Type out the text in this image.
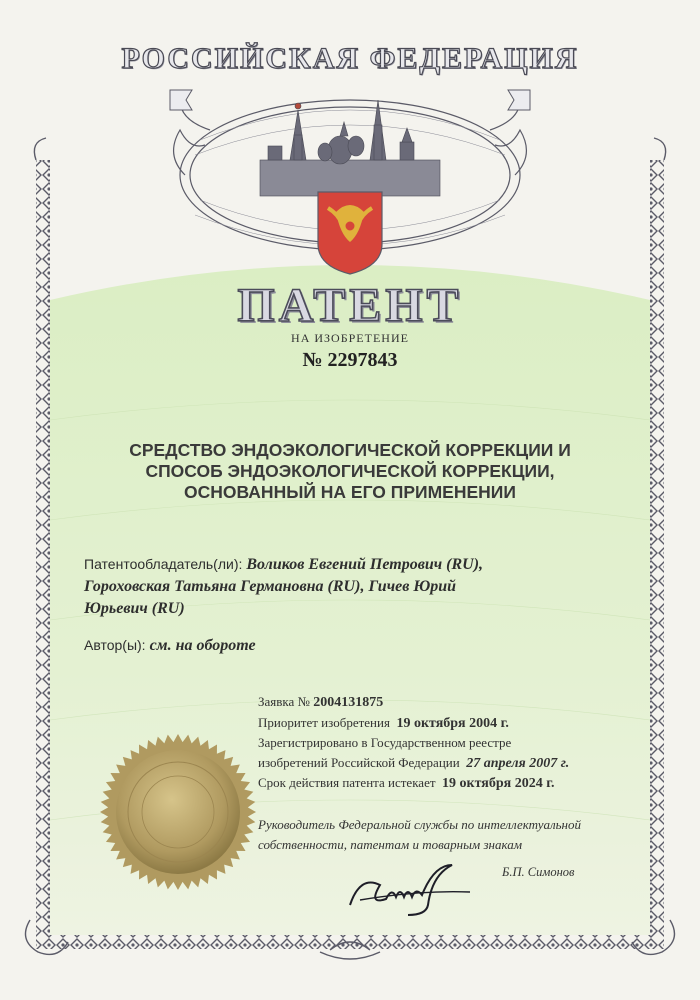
РОССИЙСКАЯ ФЕДЕРАЦИЯ
ПАТЕНТ
НА ИЗОБРЕТЕНИЕ
№ 2297843
СРЕДСТВО ЭНДОЭКОЛОГИЧЕСКОЙ КОРРЕКЦИИ И
СПОСОБ ЭНДОЭКОЛОГИЧЕСКОЙ КОРРЕКЦИИ,
ОСНОВАННЫЙ НА ЕГО ПРИМЕНЕНИИ
Патентообладатель(ли): Воликов Евгений Петрович (RU),
Гороховская Татьяна Германовна (RU), Гичев Юрий
Юрьевич (RU)
Автор(ы): см. на обороте
Заявка № 2004131875
Приоритет изобретения 19 октября 2004 г.
Зарегистрировано в Государственном реестре
изобретений Российской Федерации 27 апреля 2007 г.
Срок действия патента истекает 19 октября 2024 г.
Руководитель Федеральной службы по интеллектуальной
собственности, патентам и товарным знакам
Б.П. Симонов
